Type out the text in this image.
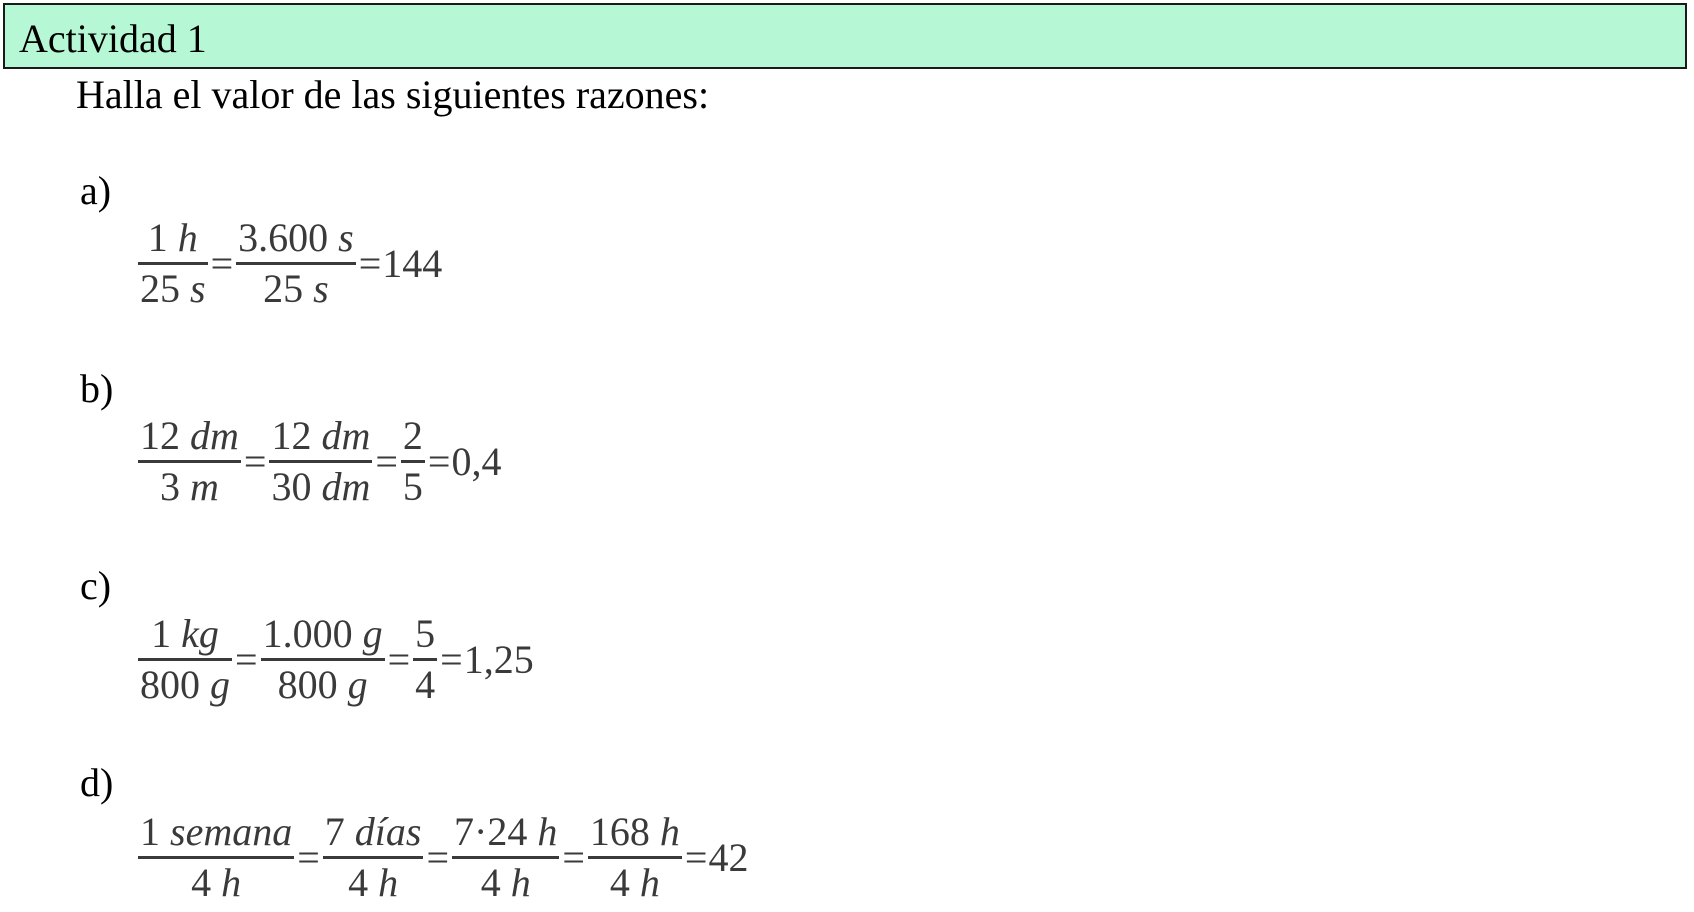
Actividad 1
Halla el valor de las siguientes razones:
a)
$\frac{1 h}{25 s} = \frac{3.600 s}{25 s} = 144$
b)
$\frac{12 dm}{3 m} = \frac{12 dm}{30 dm} = \frac{2}{5} = 0,4$
c)
$\frac{1 kg}{800 g} = \frac{1.000 g}{800 g} = \frac{5}{4} = 1,25$
d)
$\frac{\text{1 semana}}{4 h} = \frac{\text{7 días}}{4 h} = \frac{7\cdot 24 h}{4 h} = \frac{168 h}{4 h} = 42$
